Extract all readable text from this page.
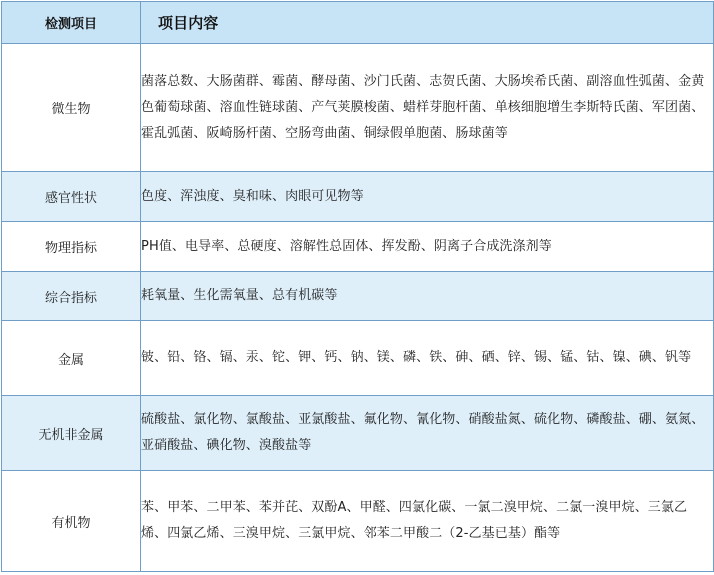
检测项目	项目内容
微生物	菌落总数、大肠菌群、霉菌、酵母菌、沙门氏菌、志贺氏菌、大肠埃希氏菌、副溶血性弧菌、金黄色葡萄球菌、溶血性链球菌、产气荚膜梭菌、蜡样芽胞杆菌、单核细胞增生李斯特氏菌、军团菌、霍乱弧菌、阪崎肠杆菌、空肠弯曲菌、铜绿假单胞菌、肠球菌等
感官性状	色度、浑浊度、臭和味、肉眼可见物等
物理指标	PH值、电导率、总硬度、溶解性总固体、挥发酚、阴离子合成洗涤剂等
综合指标	耗氧量、生化需氧量、总有机碳等
金属	铍、铅、铬、镉、汞、铊、钾、钙、钠、镁、磷、铁、砷、硒、锌、锡、锰、钴、镍、碘、钒等
无机非金属	硫酸盐、氯化物、氯酸盐、亚氯酸盐、氟化物、氰化物、硝酸盐氮、硫化物、磷酸盐、硼、氨氮、亚硝酸盐、碘化物、溴酸盐等
有机物	苯、甲苯、二甲苯、苯并芘、双酚A、甲醛、四氯化碳、一氯二溴甲烷、二氯一溴甲烷、三氯乙烯、四氯乙烯、三溴甲烷、三氯甲烷、邻苯二甲酸二（2-乙基已基）酯等
